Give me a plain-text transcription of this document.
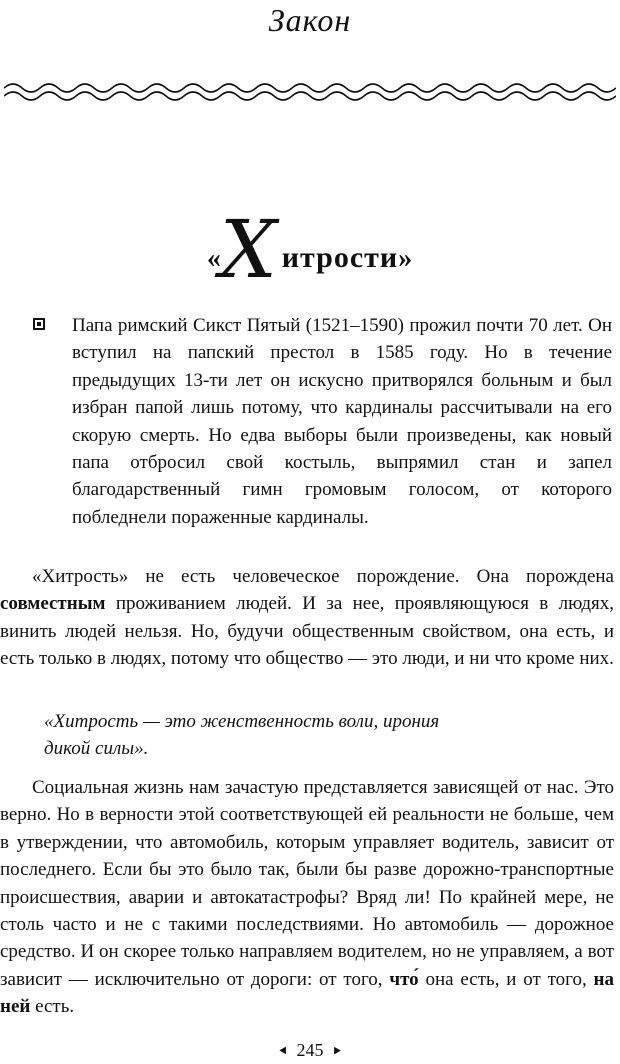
Закон
«Х итрости»

Папа римский Сикст Пятый (1521–1590) прожил почти 70 лет. Он вступил на папский престол в 1585 году. Но в течение предыдущих 13-ти лет он искусно притворялся больным и был избран папой лишь потому, что кардиналы рассчитывали на его скорую смерть. Но едва выборы были произведены, как новый папа отбросил свой костыль, выпрямил стан и запел благодарственный гимн громовым голосом, от которого побледнели пораженные кардиналы.

«Хитрость» не есть человеческое порождение. Она порождена совместным проживанием людей. И за нее, проявляющуюся в людях, винить людей нельзя. Но, будучи общественным свойством, она есть, и есть только в людях, потому что общество — это люди, и ни что кроме них.

«Хитрость — это женственность воли, ирония
дикой силы».

Социальная жизнь нам зачастую представляется зависящей от нас. Это верно. Но в верности этой соответствующей ей реальности не больше, чем в утверждении, что автомобиль, которым управляет водитель, зависит от последнего. Если бы это было так, были бы разве дорожно-транспортные происшествия, аварии и автокатастрофы? Вряд ли! По крайней мере, не столь часто и не с такими последствиями. Но автомобиль — дорожное средство. И он скорее только направляем водителем, но не управляем, а вот зависит — исключительно от дороги: от того, что́ она есть, и от того, на ней есть.

⯇ 245 ⯈
